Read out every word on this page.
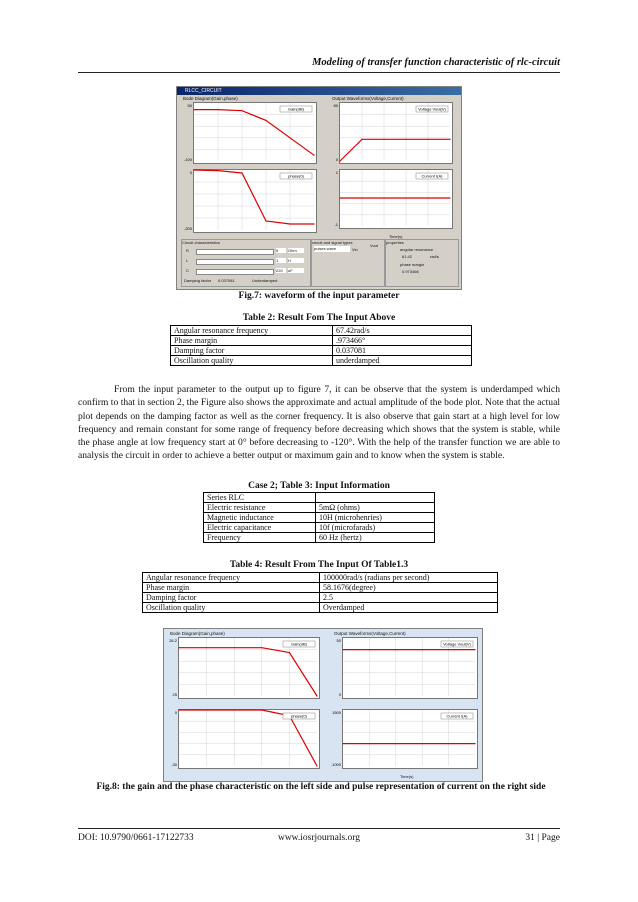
Modeling of transfer function characteristic of rlc-circuit
RLCC_CIRCUIT
Bode Diagram(Gain,phase)	Output Waveforms(Voltage,Current)
Time(s)
50
-100
Gain(dB)
0
-200
phase(0)
80
0
Voltage Vout(V)
1
-1
Current I(A)
Circuit characteristics
R	5	Ohm
L	1	H
C	220	uF
Damping factor 0.037081	Underdamped
circuit and signal types
pulses wave	Vin
Vout
properties
angular resonance
61.42	rad/s
phase margin
0.973466
Fig.7: waveform of the input parameter
Table 2: Result Fom The Input Above
Angular resonance frequency	67.42rad/s
Phase margin	.973466°
Damping factor	0.037081
Oscillation quality	underdamped
From the input parameter to the output up to figure 7, it can be observe that the system is underdamped which confirm to that in section 2, the Figure also shows the approximate and actual amplitude of the bode plot. Note that the actual plot depends on the damping factor as well as the corner frequency. It is also observe that gain start at a high level for low frequency and remain constant for some range of frequency before decreasing which shows that the system is stable, while the phase angle at low frequency start at 0° before decreasing to -120°. With the help of the transfer function we are able to analysis the circuit in order to achieve a better output or maximum gain and to know when the system is stable.
Case 2; Table 3: Input Information
Series RLC	
Electric resistance	5mΩ (ohms)
Magnetic inductance	10H (microhenries)
Electric capacitance	10f (microfarads)
Frequency	60 Hz (hertz)
Table 4: Result From The Input Of Table1.3
Angular resonance frequency	100000rad/s (radians per second)
Phase margin	58.1676(degree)
Damping factor	2.5
Oscillation quality	Overdamped
Bode Diagram(Gain,phase)	Output Waveforms(Voltage,Current)
Time(s)
26.2
25
Gain(dB)
0
-30
phase(0)
50
0
Voltage Vout(V)
1500
-1000
Current I(A)
Fig.8: the gain and the phase characteristic on the left side and pulse representation of current on the right side
DOI: 10.9790/0661-17122733	www.iosrjournals.org	31 | Page
